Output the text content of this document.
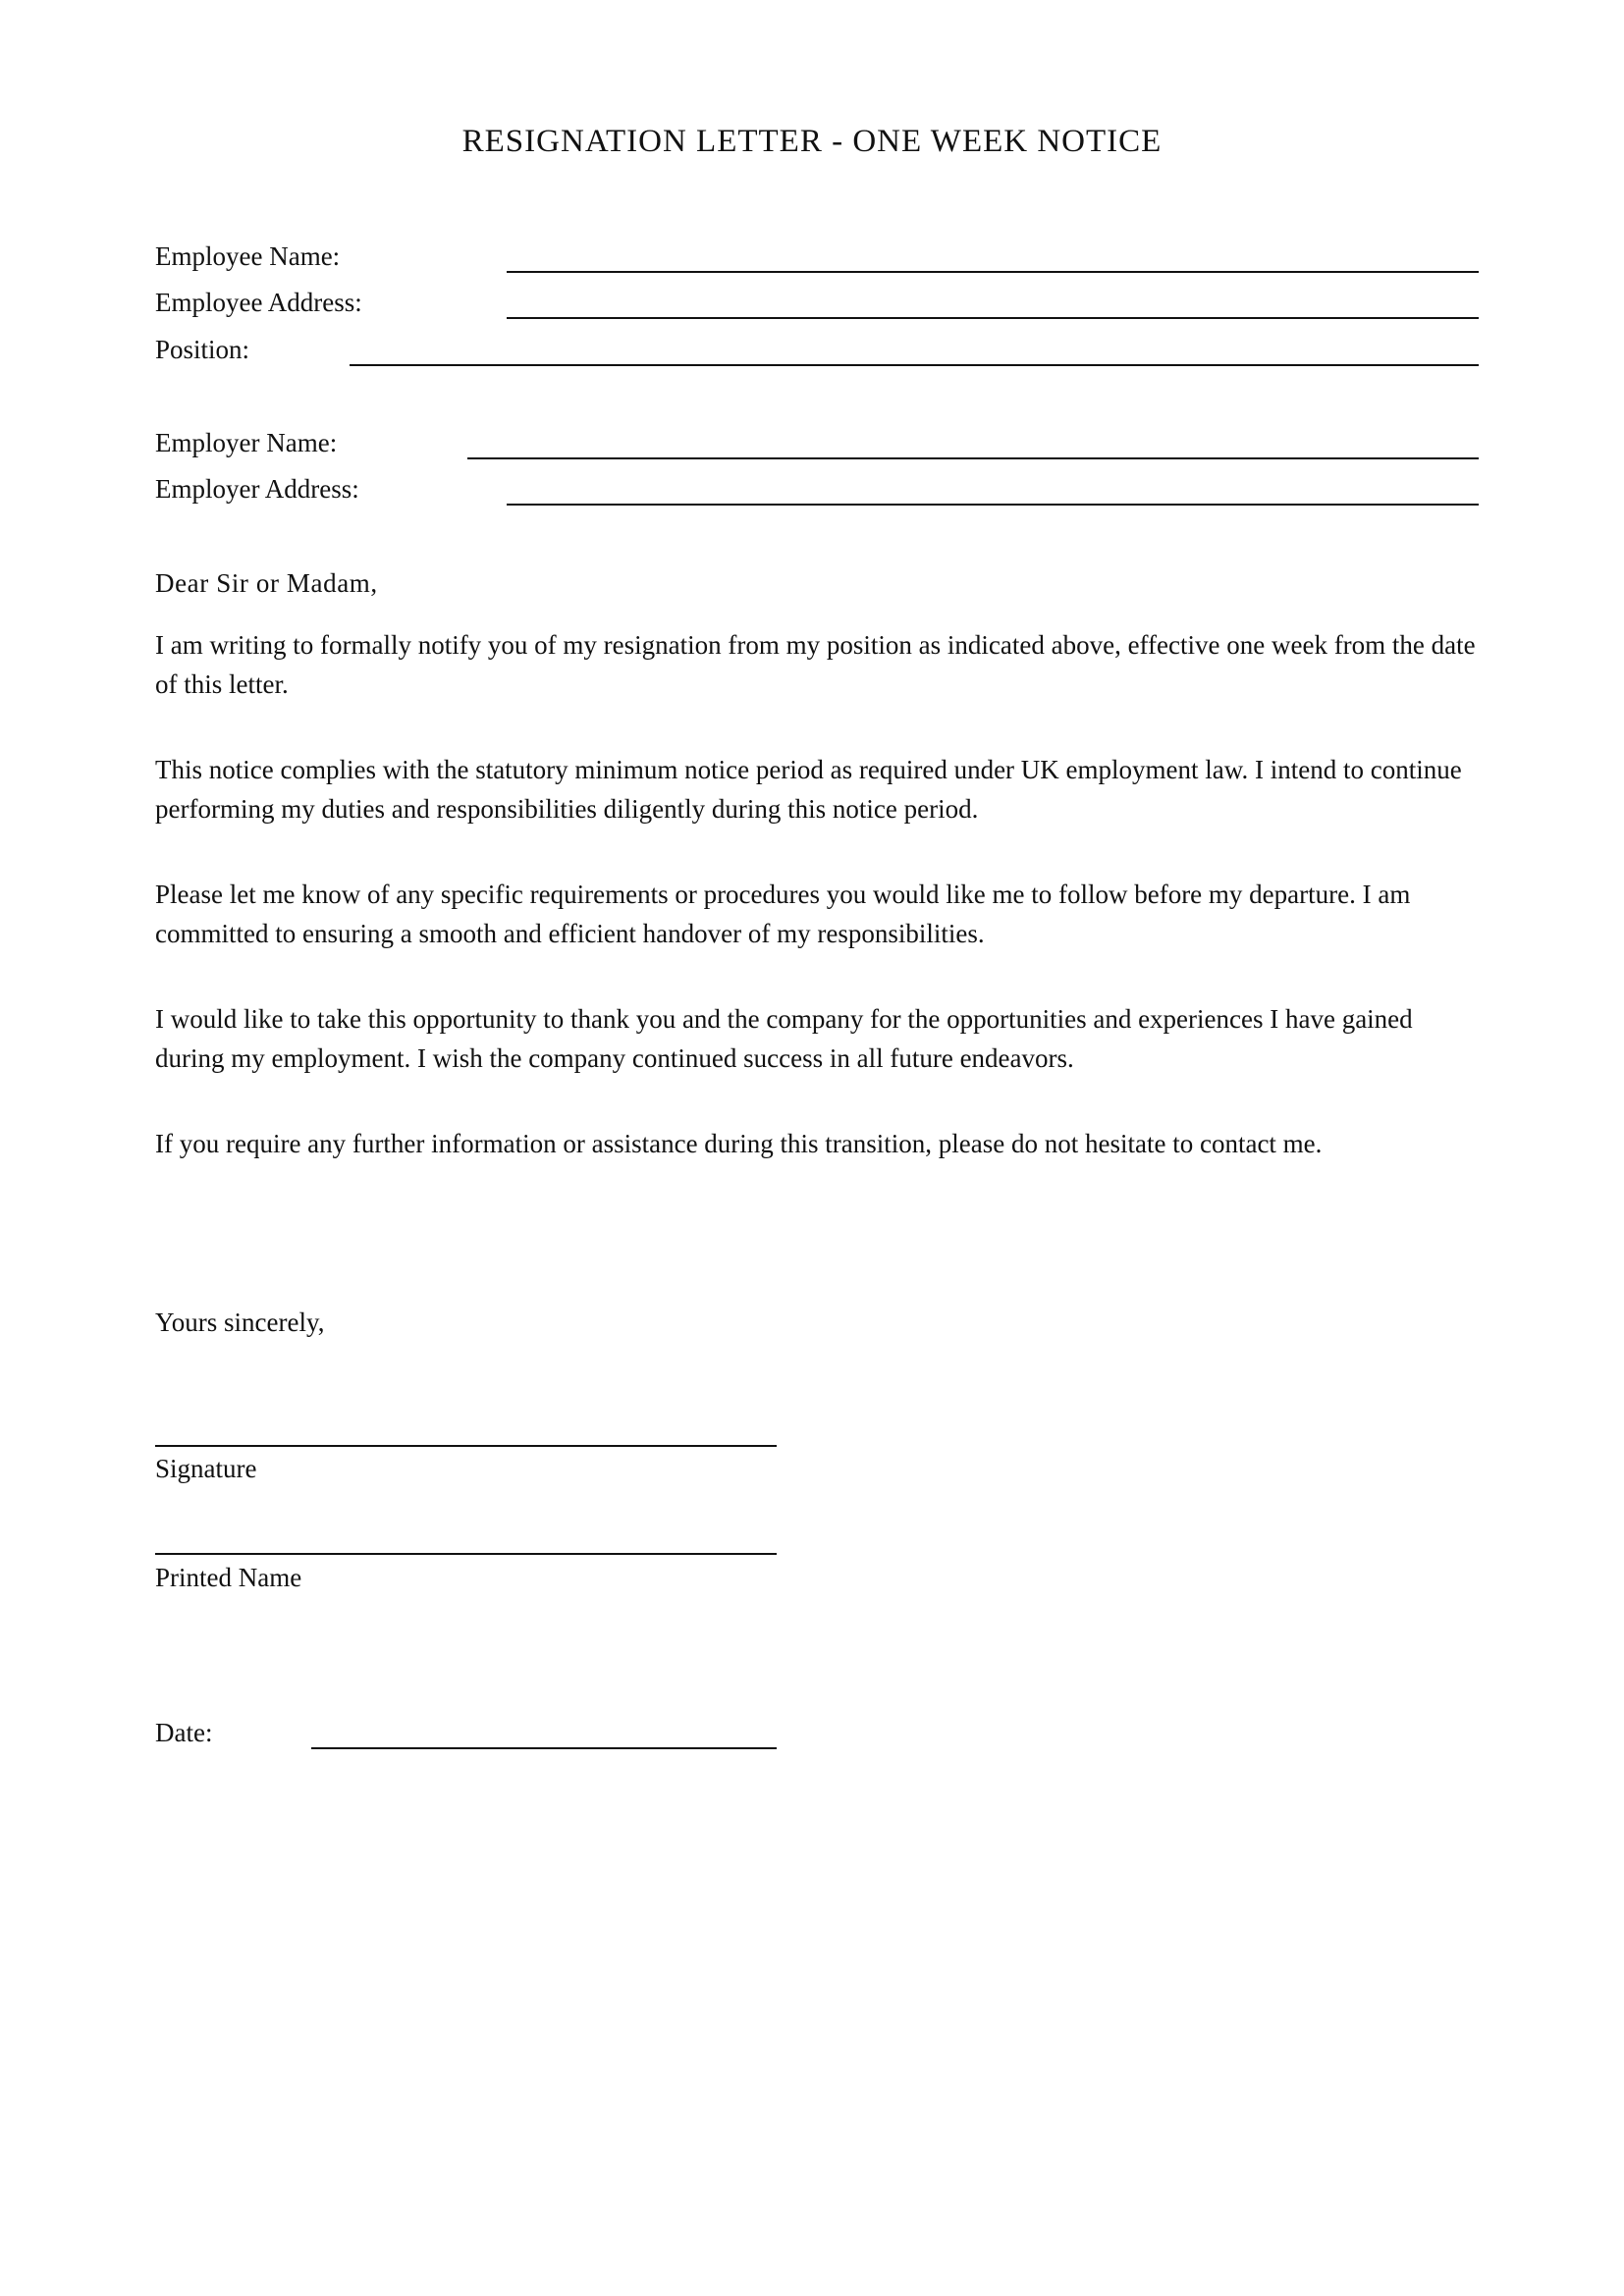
RESIGNATION LETTER - ONE WEEK NOTICE
Employee Name:
Employee Address:
Position:
Employer Name:
Employer Address:

Dear Sir or Madam,

I am writing to formally notify you of my resignation from my position as indicated above, effective one week from the date of this letter.

This notice complies with the statutory minimum notice period as required under UK employment law. I intend to continue performing my duties and responsibilities diligently during this notice period.

Please let me know of any specific requirements or procedures you would like me to follow before my departure. I am committed to ensuring a smooth and efficient handover of my responsibilities.

I would like to take this opportunity to thank you and the company for the opportunities and experiences I have gained during my employment. I wish the company continued success in all future endeavors.

If you require any further information or assistance during this transition, please do not hesitate to contact me.

Yours sincerely,

Signature
Printed Name
Date:
